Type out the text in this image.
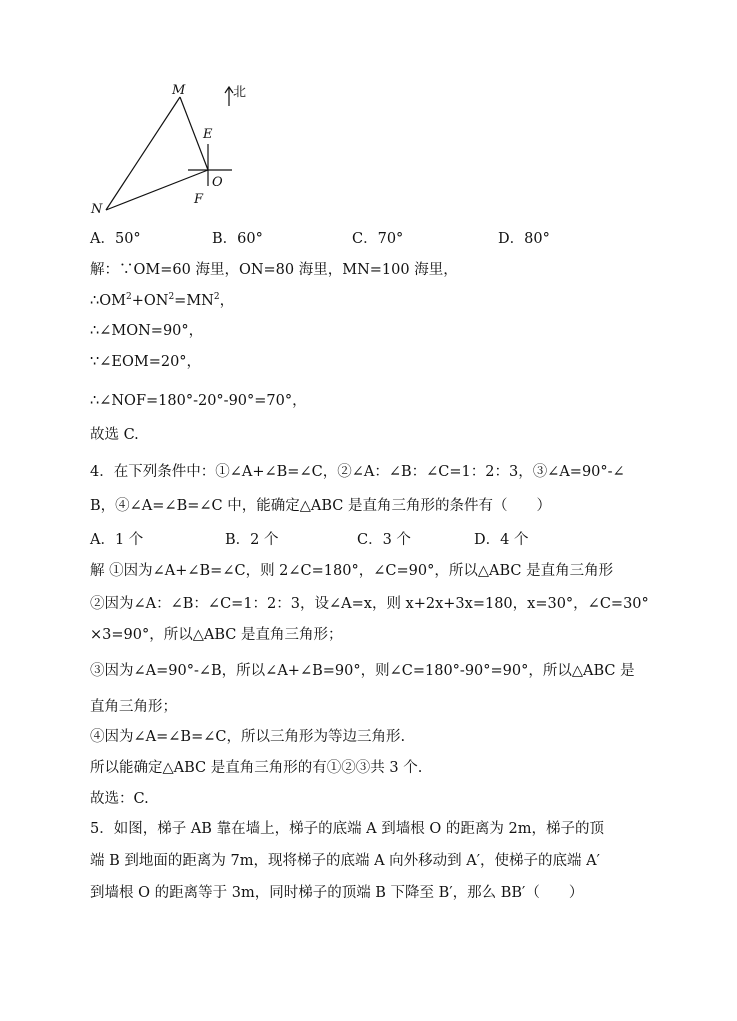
M
N
E
O
F
北
A．50°	B．60°	C．70°	D．80°
解：∵OM=60 海里，ON=80 海里，MN=100 海里，
$\therefore OM^2+ON^2=MN^2$，
∴∠MON=90°，
∵∠EOM=20°，
∴∠NOF=180°-20°-90°=70°，
故选 C.
4．在下列条件中：①∠A+∠B=∠C，②∠A：∠B：∠C=1：2：3，③∠A=90°-∠
B，④∠A=∠B=∠C 中，能确定△ABC 是直角三角形的条件有（　　）
A．1 个	B．2 个	C．3 个	D．4 个
解 ①因为∠A+∠B=∠C，则 2∠C=180°，∠C=90°，所以△ABC 是直角三角形
②因为∠A：∠B：∠C=1：2：3，设∠A=x，则 x+2x+3x=180，x=30°，∠C=30°
×3=90°，所以△ABC 是直角三角形；
③因为∠A=90°-∠B，所以∠A+∠B=90°，则∠C=180°-90°=90°，所以△ABC 是
直角三角形；
④因为∠A=∠B=∠C，所以三角形为等边三角形.
所以能确定△ABC 是直角三角形的有①②③共 3 个.
故选：C.
5．如图，梯子 AB 靠在墙上，梯子的底端 A 到墙根 O 的距离为 2m，梯子的顶
端 B 到地面的距离为 7m，现将梯子的底端 A 向外移动到 A′，使梯子的底端 A′
到墙根 O 的距离等于 3m，同时梯子的顶端 B 下降至 B′，那么 BB′（　　）
